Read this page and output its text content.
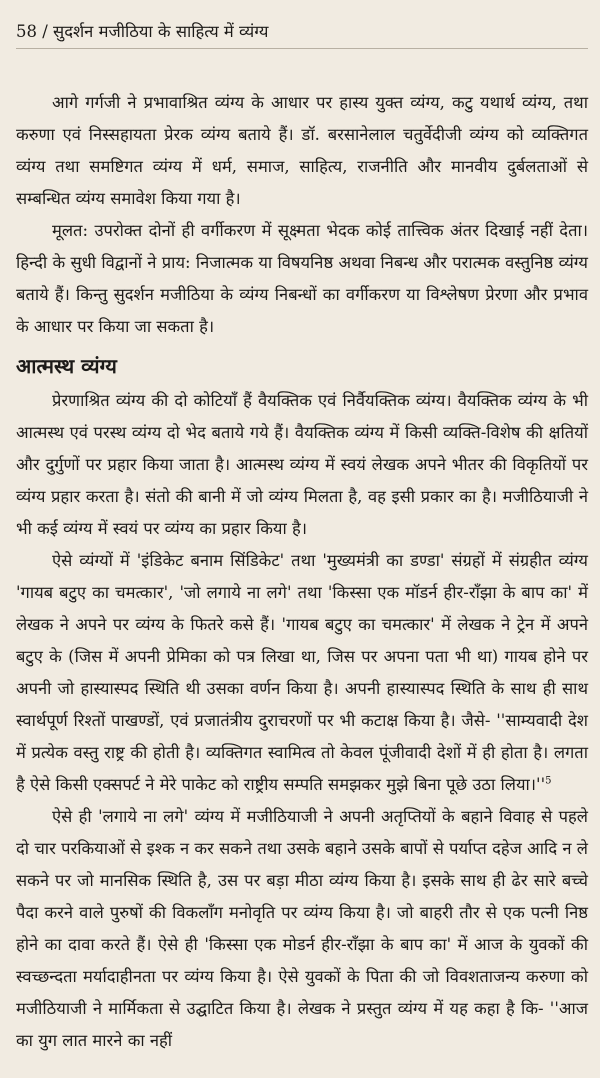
58 / सुदर्शन मजीठिया के साहित्य में व्यंग्य

आगे गर्गजी ने प्रभावाश्रित व्यंग्य के आधार पर हास्य युक्त व्यंग्य, कटु यथार्थ व्यंग्य, तथा करुणा एवं निस्सहायता प्रेरक व्यंग्य बताये हैं। डॉ. बरसानेलाल चतुर्वेदीजी व्यंग्य को व्यक्तिगत व्यंग्य तथा समष्टिगत व्यंग्य में धर्म, समाज, साहित्य, राजनीति और मानवीय दुर्बलताओं से सम्बन्धित व्यंग्य समावेश किया गया है।

मूलत: उपरोक्त दोनों ही वर्गीकरण में सूक्ष्मता भेदक कोई तात्त्विक अंतर दिखाई नहीं देता। हिन्दी के सुधी विद्वानों ने प्राय: निजात्मक या विषयनिष्ठ अथवा निबन्ध और परात्मक वस्तुनिष्ठ व्यंग्य बताये हैं। किन्तु सुदर्शन मजीठिया के व्यंग्य निबन्धों का वर्गीकरण या विश्लेषण प्रेरणा और प्रभाव के आधार पर किया जा सकता है।

आत्मस्थ व्यंग्य

प्रेरणाश्रित व्यंग्य की दो कोटियाँ हैं वैयक्तिक एवं निर्वैयक्तिक व्यंग्य। वैयक्तिक व्यंग्य के भी आत्मस्थ एवं परस्थ व्यंग्य दो भेद बताये गये हैं। वैयक्तिक व्यंग्य में किसी व्यक्ति-विशेष की क्षतियों और दुर्गुणों पर प्रहार किया जाता है। आत्मस्थ व्यंग्य में स्वयं लेखक अपने भीतर की विकृतियों पर व्यंग्य प्रहार करता है। संतो की बानी में जो व्यंग्य मिलता है, वह इसी प्रकार का है। मजीठियाजी ने भी कई व्यंग्य में स्वयं पर व्यंग्य का प्रहार किया है।

ऐसे व्यंग्यों में 'इंडिकेट बनाम सिंडिकेट' तथा 'मुख्यमंत्री का डण्डा' संग्रहों में संग्रहीत व्यंग्य 'गायब बटुए का चमत्कार', 'जो लगाये ना लगे' तथा 'किस्सा एक मॉडर्न हीर-राँझा के बाप का' में लेखक ने अपने पर व्यंग्य के फितरे कसे हैं। 'गायब बटुए का चमत्कार' में लेखक ने ट्रेन में अपने बटुए के (जिस में अपनी प्रेमिका को पत्र लिखा था, जिस पर अपना पता भी था) गायब होने पर अपनी जो हास्यास्पद स्थिति थी उसका वर्णन किया है। अपनी हास्यास्पद स्थिति के साथ ही साथ स्वार्थपूर्ण रिश्तों पाखण्डों, एवं प्रजातंत्रीय दुराचरणों पर भी कटाक्ष किया है। जैसे- ''साम्यवादी देश में प्रत्येक वस्तु राष्ट्र की होती है। व्यक्तिगत स्वामित्व तो केवल पूंजीवादी देशों में ही होता है। लगता है ऐसे किसी एक्सपर्ट ने मेरे पाकेट को राष्ट्रीय सम्पति समझकर मुझे बिना पूछे उठा $लिया।''^5$

ऐसे ही 'लगाये ना लगे' व्यंग्य में मजीठियाजी ने अपनी अतृप्तियों के बहाने विवाह से पहले दो चार परकियाओं से इश्क न कर सकने तथा उसके बहाने उसके बापों से पर्याप्त दहेज आदि न ले सकने पर जो मानसिक स्थिति है, उस पर बड़ा मीठा व्यंग्य किया है। इसके साथ ही ढेर सारे बच्चे पैदा करने वाले पुरुषों की विकलाँग मनोवृति पर व्यंग्य किया है। जो बाहरी तौर से एक पत्नी निष्ठ होने का दावा करते हैं। ऐसे ही 'किस्सा एक मोडर्न हीर-राँझा के बाप का' में आज के युवकों की स्वच्छन्दता मर्यादाहीनता पर व्यंग्य किया है। ऐसे युवकों के पिता की जो विवशताजन्य करुणा को मजीठियाजी ने मार्मिकता से उद्घाटित किया है। लेखक ने प्रस्तुत व्यंग्य में यह कहा है कि- ''आज का युग लात मारने का नहीं
